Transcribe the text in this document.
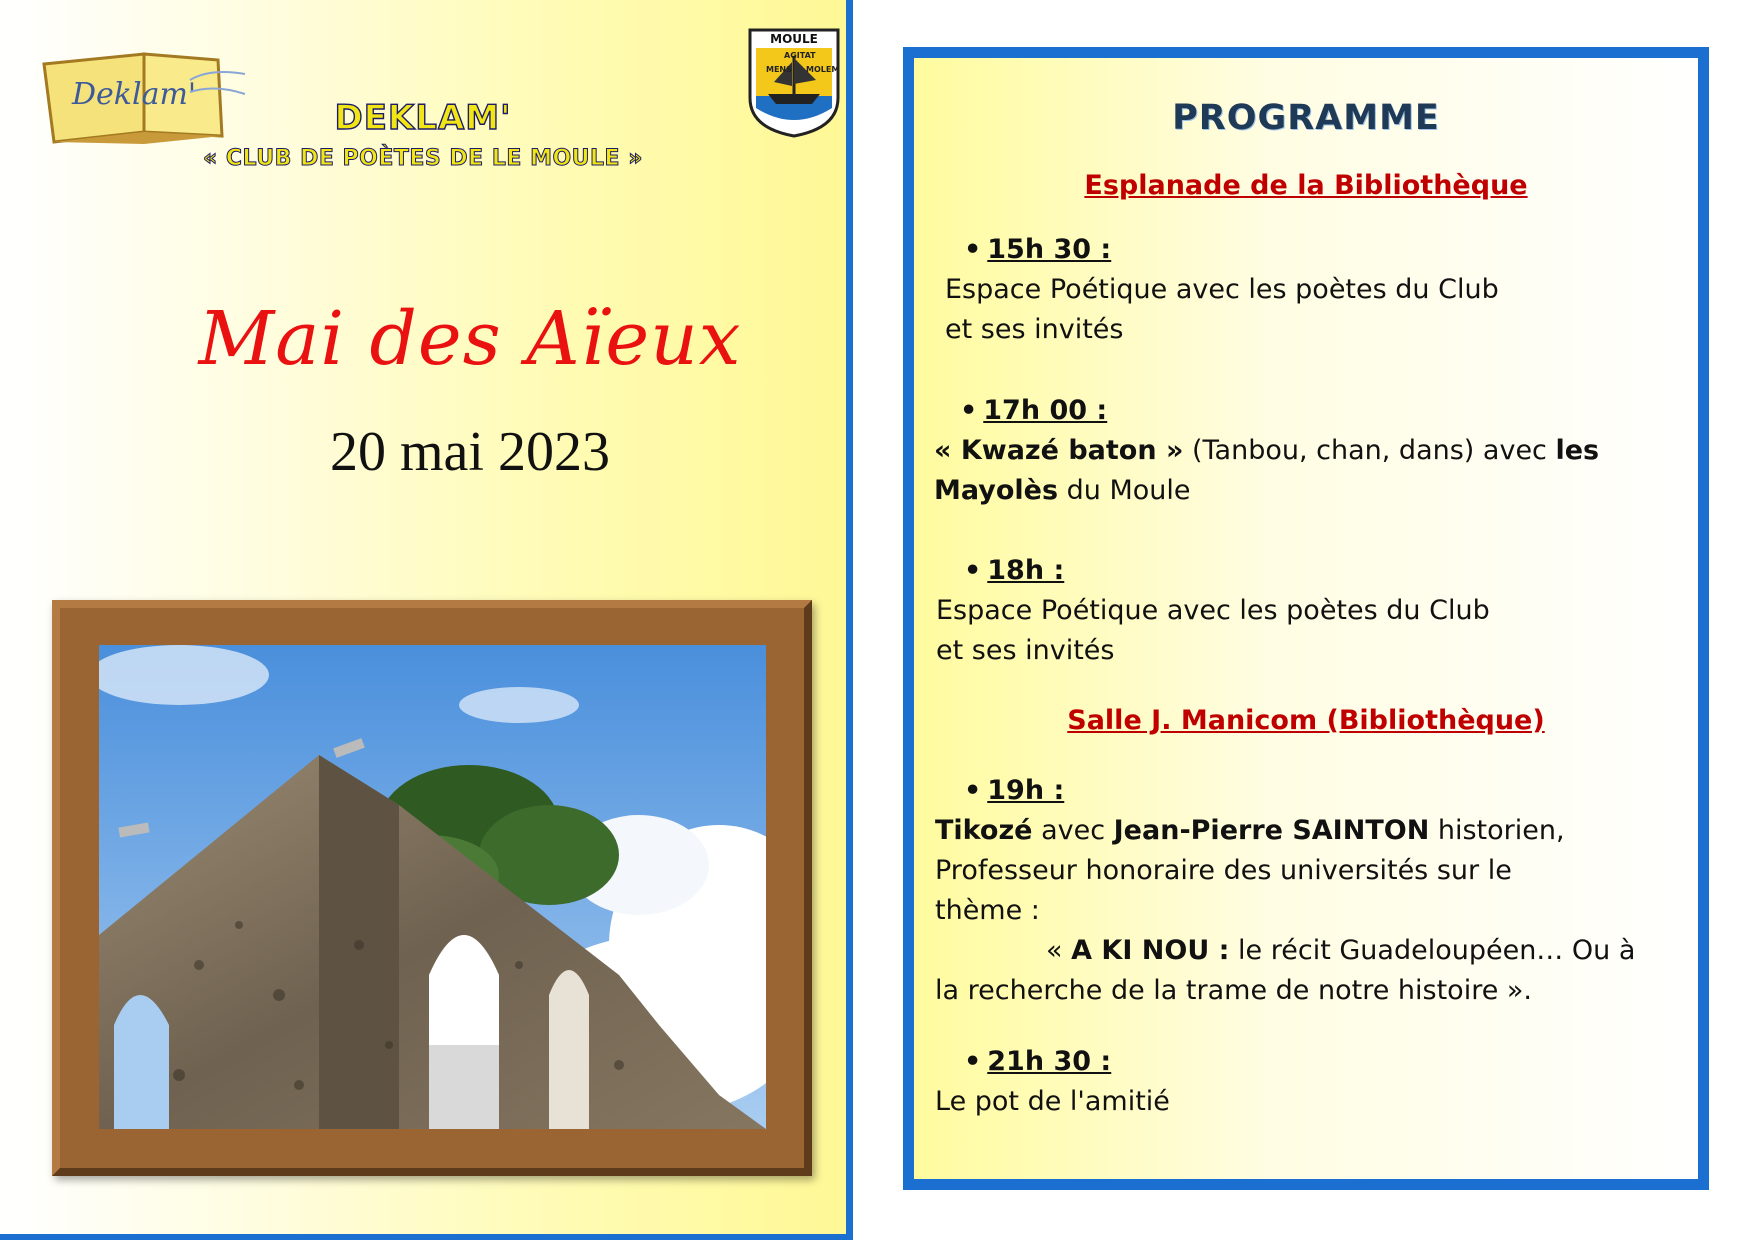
Deklam'
MENS
AGITAT
MOLEM
MOULE
DEKLAM'
« CLUB DE POÈTES DE LE MOULE »
Mai des Aïeux
20 mai 2023
PROGRAMME
Esplanade de la Bibliothèque
• 15h 30 :
Espace Poétique avec les poètes du Club
et ses invités
• 17h 00 :
« Kwazé baton » (Tanbou, chan, dans) avec les
Mayolès du Moule
• 18h :
Espace Poétique avec les poètes du Club
et ses invités
Salle J. Manicom (Bibliothèque)
• 19h :
Tikozé avec Jean-Pierre SAINTON historien,
Professeur honoraire des universités sur le
thème :
« A KI NOU : le récit Guadeloupéen… Ou à
la recherche de la trame de notre histoire ».
• 21h 30 :
Le pot de l'amitié
